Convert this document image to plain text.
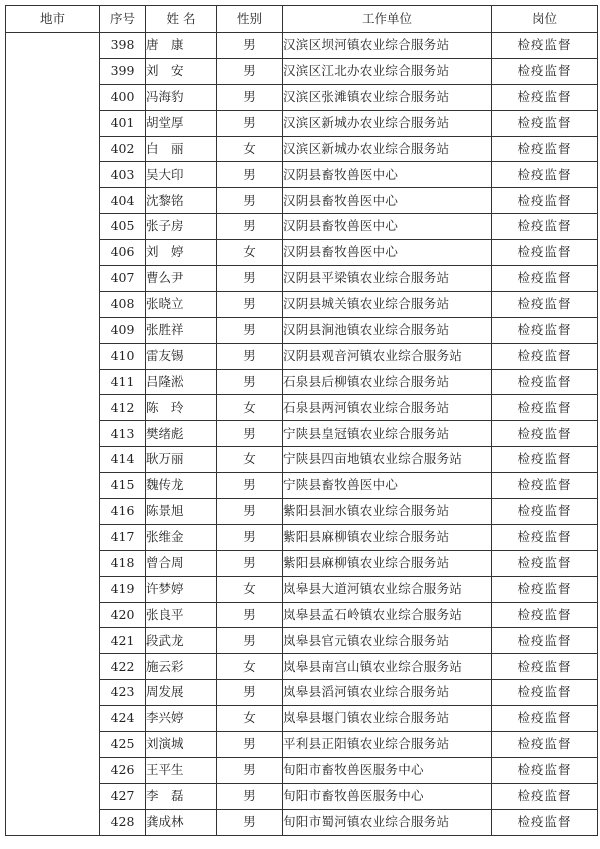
地市	序号	姓 名	性别	工作单位	岗位
	398	唐　康	男	汉滨区坝河镇农业综合服务站	检疫监督
	399	刘　安	男	汉滨区江北办农业综合服务站	检疫监督
	400	冯海豹	男	汉滨区张滩镇农业综合服务站	检疫监督
	401	胡堂厚	男	汉滨区新城办农业综合服务站	检疫监督
	402	白　丽	女	汉滨区新城办农业综合服务站	检疫监督
	403	吴大印	男	汉阴县畜牧兽医中心	检疫监督
	404	沈黎铭	男	汉阴县畜牧兽医中心	检疫监督
	405	张子房	男	汉阴县畜牧兽医中心	检疫监督
	406	刘　婷	女	汉阴县畜牧兽医中心	检疫监督
	407	曹么尹	男	汉阴县平梁镇农业综合服务站	检疫监督
	408	张晓立	男	汉阴县城关镇农业综合服务站	检疫监督
	409	张胜祥	男	汉阴县涧池镇农业综合服务站	检疫监督
	410	雷友锡	男	汉阴县观音河镇农业综合服务站	检疫监督
	411	吕隆淞	男	石泉县后柳镇农业综合服务站	检疫监督
	412	陈　玲	女	石泉县两河镇农业综合服务站	检疫监督
	413	樊绪彪	男	宁陕县皇冠镇农业综合服务站	检疫监督
	414	耿万丽	女	宁陕县四亩地镇农业综合服务站	检疫监督
	415	魏传龙	男	宁陕县畜牧兽医中心	检疫监督
	416	陈景旭	男	紫阳县洄水镇农业综合服务站	检疫监督
	417	张维金	男	紫阳县麻柳镇农业综合服务站	检疫监督
	418	曾合周	男	紫阳县麻柳镇农业综合服务站	检疫监督
	419	许梦婷	女	岚皋县大道河镇农业综合服务站	检疫监督
	420	张良平	男	岚皋县孟石岭镇农业综合服务站	检疫监督
	421	段武龙	男	岚皋县官元镇农业综合服务站	检疫监督
	422	施云彩	女	岚皋县南宫山镇农业综合服务站	检疫监督
	423	周发展	男	岚皋县滔河镇农业综合服务站	检疫监督
	424	李兴婷	女	岚皋县堰门镇农业综合服务站	检疫监督
	425	刘演城	男	平利县正阳镇农业综合服务站	检疫监督
	426	王平生	男	旬阳市畜牧兽医服务中心	检疫监督
	427	李　磊	男	旬阳市畜牧兽医服务中心	检疫监督
	428	龚成林	男	旬阳市蜀河镇农业综合服务站	检疫监督
